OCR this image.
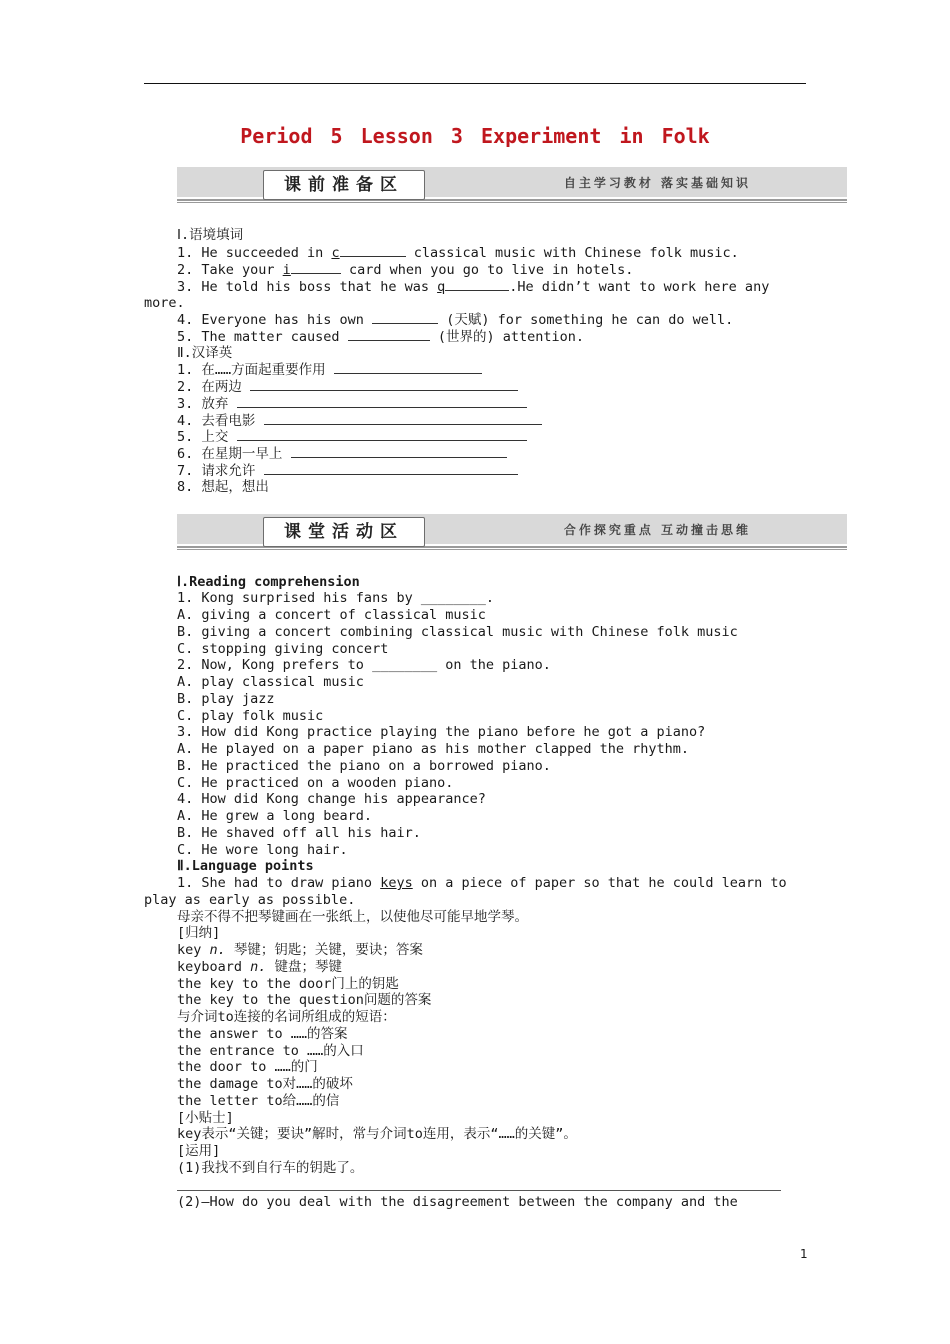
Period 5 Lesson 3 Experiment in Folk
课前准备区	自主学习教材 落实基础知识
Ⅰ.语境填词
1. He succeeded in c	classical music with Chinese folk music.
2. Take your i	card when you go to live in hotels.
3. He told his boss that he was q	.He didn’t want to work here any
more.
4. Everyone has his own	(天赋) for something he can do well.
5. The matter caused	(世界的) attention.
Ⅱ.汉译英
1. 在……方面起重要作用
2. 在两边
3. 放弃
4. 去看电影
5. 上交
6. 在星期一早上
7. 请求允许
8. 想起，想出
课堂活动区	合作探究重点 互动撞击思维
Ⅰ.Reading comprehension
1. Kong surprised his fans by ________.
A. giving a concert of classical music
B. giving a concert combining classical music with Chinese folk music
C. stopping giving concert
2. Now, Kong prefers to ________ on the piano.
A. play classical music
B. play jazz
C. play folk music
3. How did Kong practice playing the piano before he got a piano?
A. He played on a paper piano as his mother clapped the rhythm.
B. He practiced the piano on a borrowed piano.
C. He practiced on a wooden piano.
4. How did Kong change his appearance?
A. He grew a long beard.
B. He shaved off all his hair.
C. He wore long hair.
Ⅱ.Language points
1. She had to draw piano keys on a piece of paper so that he could learn to
play as early as possible.
母亲不得不把琴键画在一张纸上，以使他尽可能早地学琴。
[归纳]
key n. 琴键；钥匙；关键，要诀；答案
keyboard n. 键盘；琴键
the key to the door门上的钥匙
the key to the question问题的答案
与介词to连接的名词所组成的短语：
the answer to ……的答案
the entrance to ……的入口
the door to ……的门
the damage to对……的破坏
the letter to给……的信
[小贴士]
key表示“关键；要诀”解时，常与介词to连用，表示“……的关键”。
[运用]
(1)我找不到自行车的钥匙了。
(2)—How do you deal with the disagreement between the company and the
1
